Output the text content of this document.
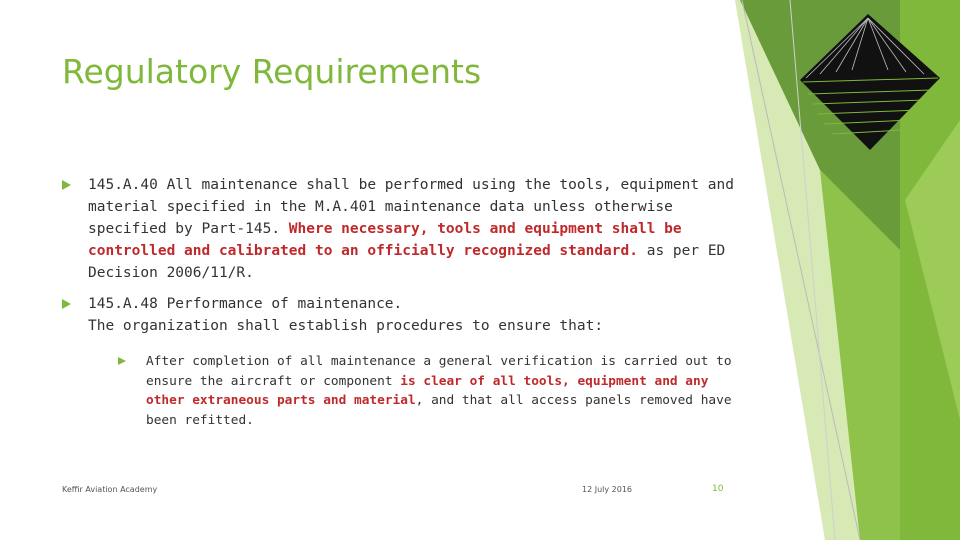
Regulatory Requirements
145.A.40 All maintenance shall be performed using the tools, equipment and material specified in the M.A.401 maintenance data unless otherwise specified by Part-145. Where necessary, tools and equipment shall be controlled and calibrated to an officially recognized standard. as per ED Decision 2006/11/R.
145.A.48 Performance of maintenance.
The organization shall establish procedures to ensure that:
After completion of all maintenance a general verification is carried out to ensure the aircraft or component is clear of all tools, equipment and any other extraneous parts and material, and that all access panels removed have been refitted.
Keffir Aviation Academy	12 July 2016	10
